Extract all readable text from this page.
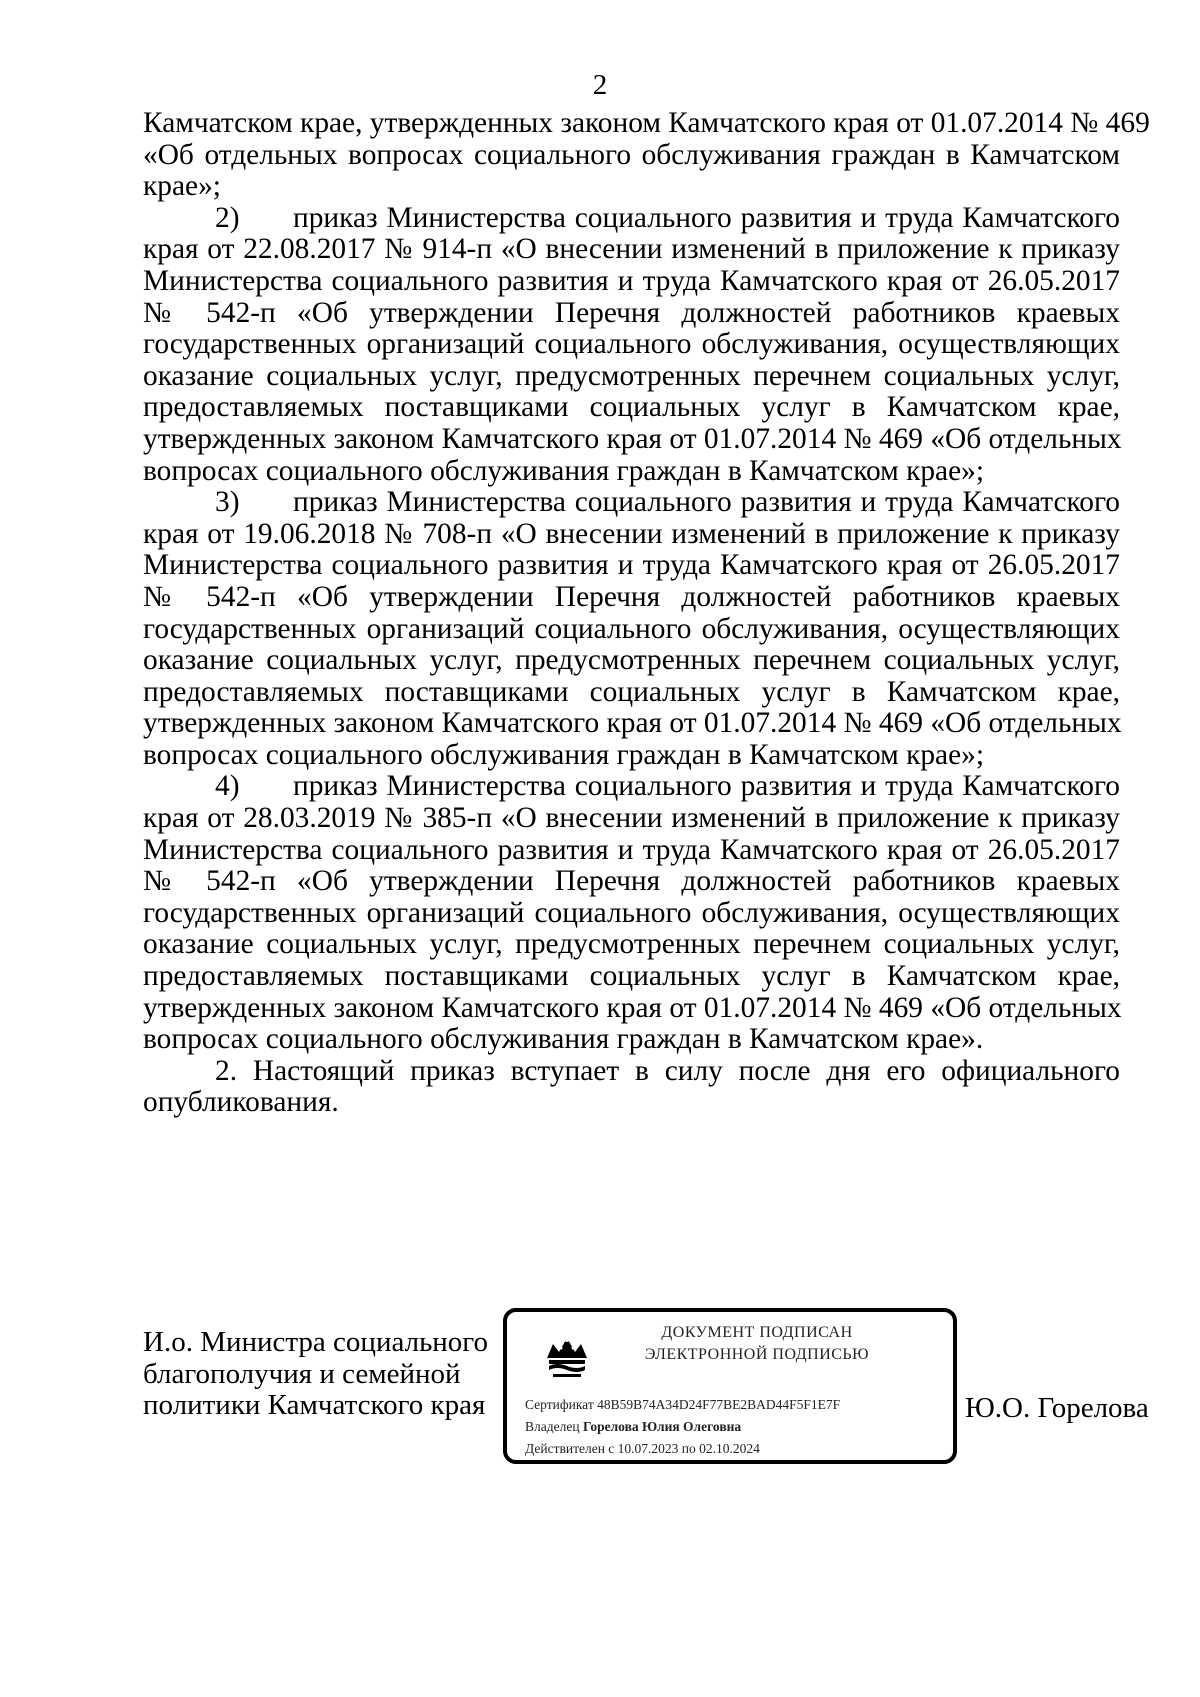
2
Камчатском крае, утвержденных законом Камчатского края от 01.07.2014 № 469
«Об отдельных вопросах социального обслуживания граждан в Камчатском
крае»;
2) приказ Министерства социального развития и труда Камчатского
края от 22.08.2017 № 914-п «О внесении изменений в приложение к приказу
Министерства социального развития и труда Камчатского края от 26.05.2017
№ 542-п «Об утверждении Перечня должностей работников краевых
государственных организаций социального обслуживания, осуществляющих
оказание социальных услуг, предусмотренных перечнем социальных услуг,
предоставляемых поставщиками социальных услуг в Камчатском крае,
утвержденных законом Камчатского края от 01.07.2014 № 469 «Об отдельных
вопросах социального обслуживания граждан в Камчатском крае»;
3) приказ Министерства социального развития и труда Камчатского
края от 19.06.2018 № 708-п «О внесении изменений в приложение к приказу
Министерства социального развития и труда Камчатского края от 26.05.2017
№ 542-п «Об утверждении Перечня должностей работников краевых
государственных организаций социального обслуживания, осуществляющих
оказание социальных услуг, предусмотренных перечнем социальных услуг,
предоставляемых поставщиками социальных услуг в Камчатском крае,
утвержденных законом Камчатского края от 01.07.2014 № 469 «Об отдельных
вопросах социального обслуживания граждан в Камчатском крае»;
4) приказ Министерства социального развития и труда Камчатского
края от 28.03.2019 № 385-п «О внесении изменений в приложение к приказу
Министерства социального развития и труда Камчатского края от 26.05.2017
№ 542-п «Об утверждении Перечня должностей работников краевых
государственных организаций социального обслуживания, осуществляющих
оказание социальных услуг, предусмотренных перечнем социальных услуг,
предоставляемых поставщиками социальных услуг в Камчатском крае,
утвержденных законом Камчатского края от 01.07.2014 № 469 «Об отдельных
вопросах социального обслуживания граждан в Камчатском крае».
2. Настоящий приказ вступает в силу после дня его официального
опубликования.
И.о. Министра социального
благополучия и семейной
политики Камчатского края
ДОКУМЕНТ ПОДПИСАН
ЭЛЕКТРОННОЙ ПОДПИСЬЮ
Сертификат 48B59B74A34D24F77BE2BAD44F5F1E7F
Владелец Горелова Юлия Олеговна
Действителен с 10.07.2023 по 02.10.2024
Ю.О. Горелова
